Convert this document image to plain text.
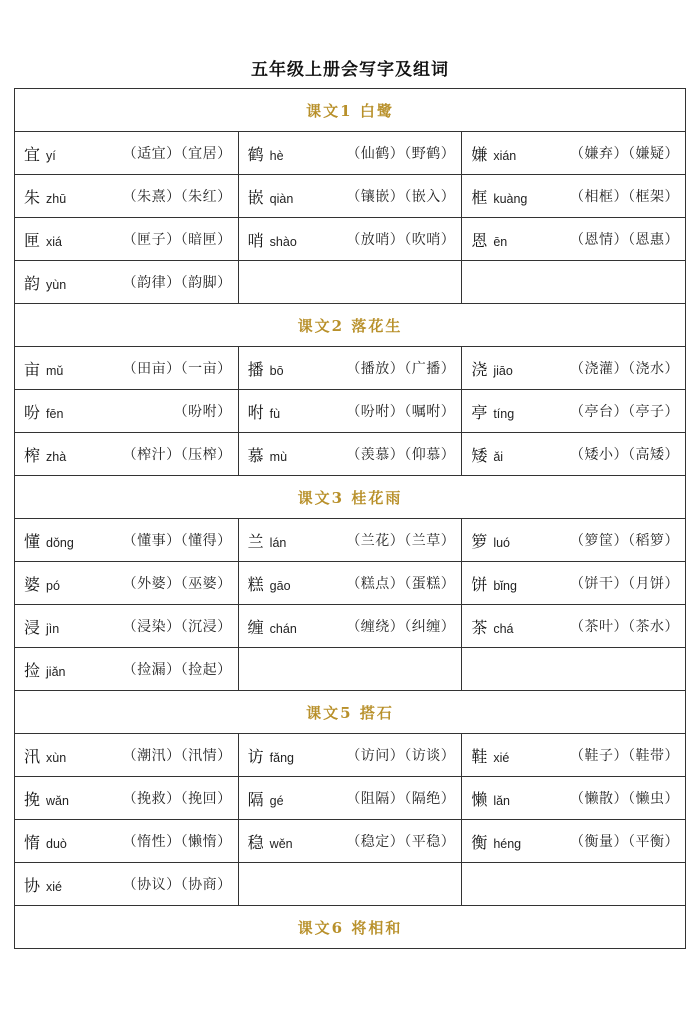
五年级上册会写字及组词
课文1 白鹭		

宜 yí （适宜）（宜居）	鹤 hè （仙鹤）（野鹤）	嫌 xián （嫌弃）（嫌疑）

朱 zhū （朱熹）（朱红）	嵌 qiàn （镶嵌）（嵌入）	框 kuàng （相框）（框架）

匣 xiá （匣子）（暗匣）	哨 shào （放哨）（吹哨）	恩 ēn （恩情）（恩惠）

韵 yùn （韵律）（韵脚）		

课文2 落花生		

亩 mǔ （田亩）（一亩）	播 bō （播放）（广播）	浇 jiāo （浇灌）（浇水）

吩 fēn （吩咐）	咐 fù （吩咐）（嘱咐）	亭 tíng （亭台）（亭子）

榨 zhà （榨汁）（压榨）	慕 mù （羡慕）（仰慕）	矮 ǎi （矮小）（高矮）

课文3 桂花雨		

懂 dǒng （懂事）（懂得）	兰 lán （兰花）（兰草）	箩 luó （箩筐）（稻箩）

婆 pó （外婆）（巫婆）	糕 gāo （糕点）（蛋糕）	饼 bǐng （饼干）（月饼）

浸 jìn （浸染）（沉浸）	缠 chán （缠绕）（纠缠）	茶 chá （茶叶）（茶水）

捡 jiǎn （捡漏）（捡起）		

课文5 搭石		

汛 xùn （潮汛）（汛情）	访 fǎng （访问）（访谈）	鞋 xié （鞋子）（鞋带）

挽 wǎn （挽救）（挽回）	隔 gé （阻隔）（隔绝）	懒 lǎn （懒散）（懒虫）

惰 duò （惰性）（懒惰）	稳 wěn （稳定）（平稳）	衡 héng （衡量）（平衡）

协 xié （协议）（协商）		

课文6 将相和		
